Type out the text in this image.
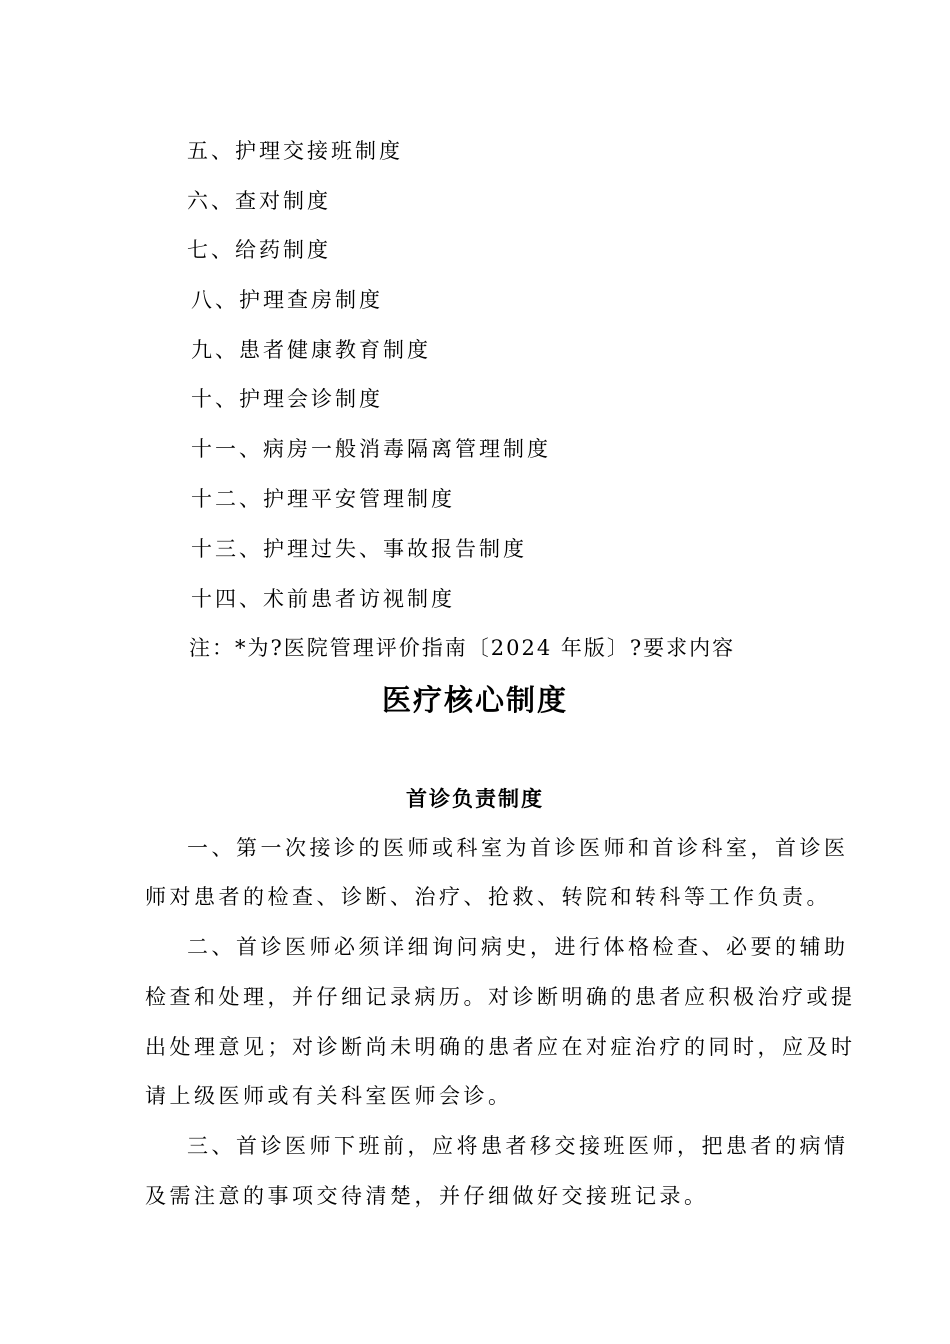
五、护理交接班制度
六、查对制度
七、给药制度
八、护理查房制度
九、患者健康教育制度
十、护理会诊制度
十一、病房一般消毒隔离管理制度
十二、护理平安管理制度
十三、护理过失、事故报告制度
十四、术前患者访视制度
注：*为?医院管理评价指南〔2024 年版〕?要求内容
医疗核心制度
首诊负责制度
一、第一次接诊的医师或科室为首诊医师和首诊科室，首诊医
师对患者的检查、诊断、治疗、抢救、转院和转科等工作负责。
二、首诊医师必须详细询问病史，进行体格检查、必要的辅助
检查和处理，并仔细记录病历。对诊断明确的患者应积极治疗或提
出处理意见；对诊断尚未明确的患者应在对症治疗的同时，应及时
请上级医师或有关科室医师会诊。
三、首诊医师下班前，应将患者移交接班医师，把患者的病情
及需注意的事项交待清楚，并仔细做好交接班记录。
